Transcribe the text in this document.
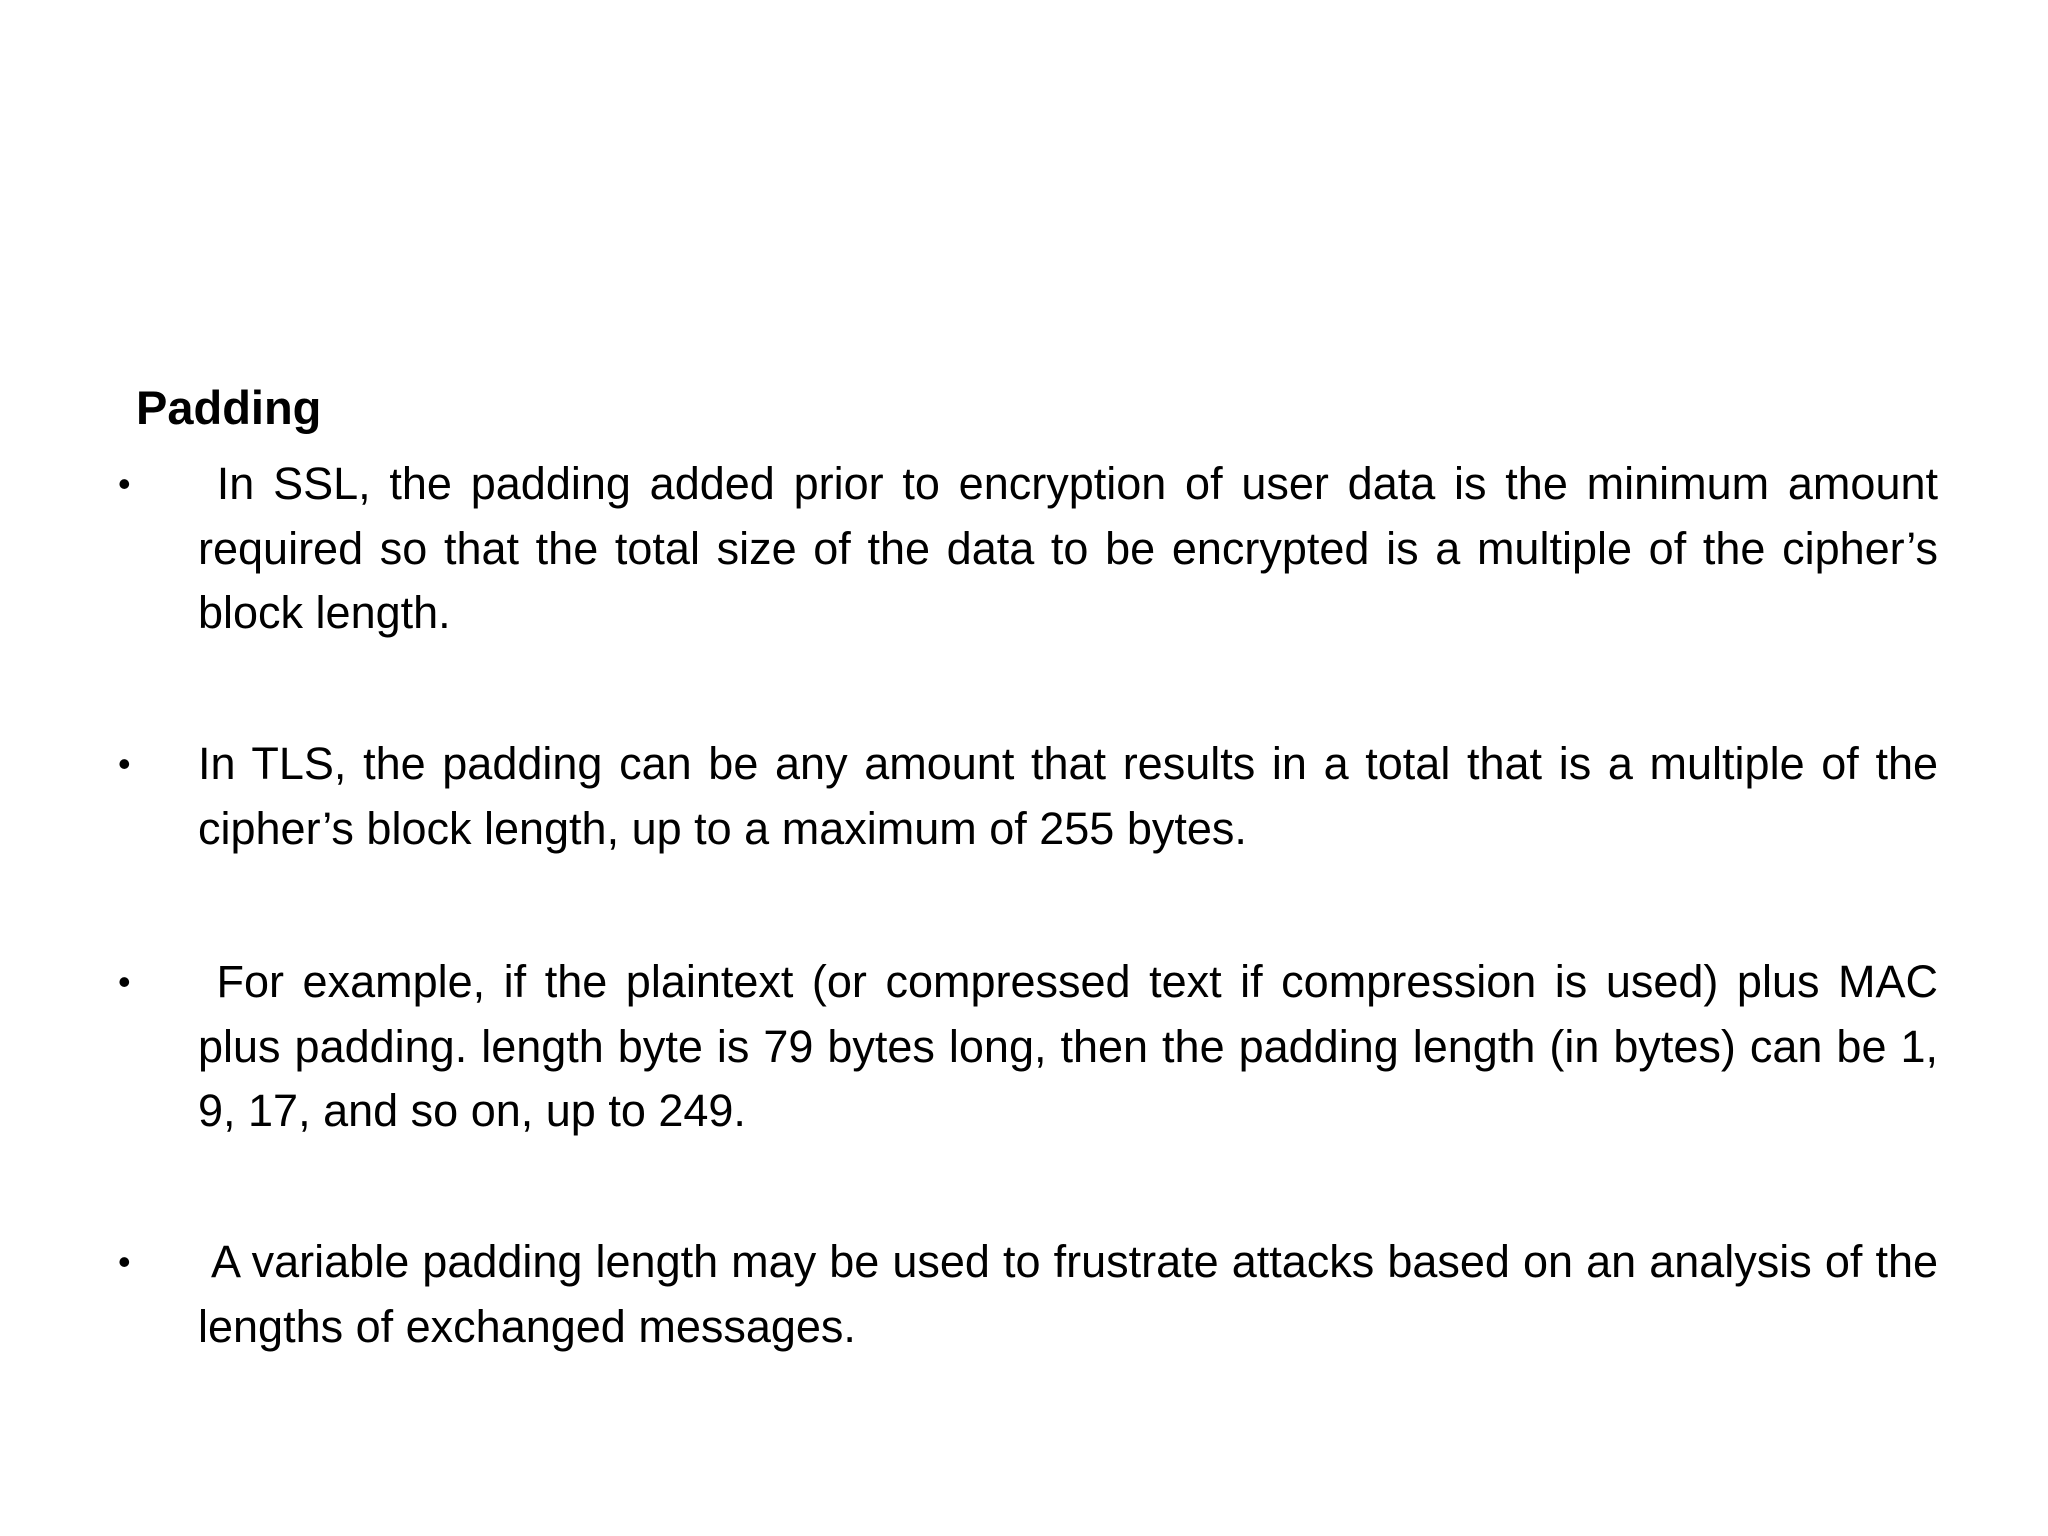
Padding
•	In SSL, the padding added prior to encryption of user data is the minimum amount required so that the total size of the data to be encrypted is a multiple of the cipher’s block length.
•	In TLS, the padding can be any amount that results in a total that is a multiple of the cipher’s block length, up to a maximum of 255 bytes.
•	For example, if the plaintext (or compressed text if compression is used) plus MAC plus padding. length byte is 79 bytes long, then the padding length (in bytes) can be 1, 9, 17, and so on, up to 249.
•	A variable padding length may be used to frustrate attacks based on an analysis of the lengths of exchanged messages.
